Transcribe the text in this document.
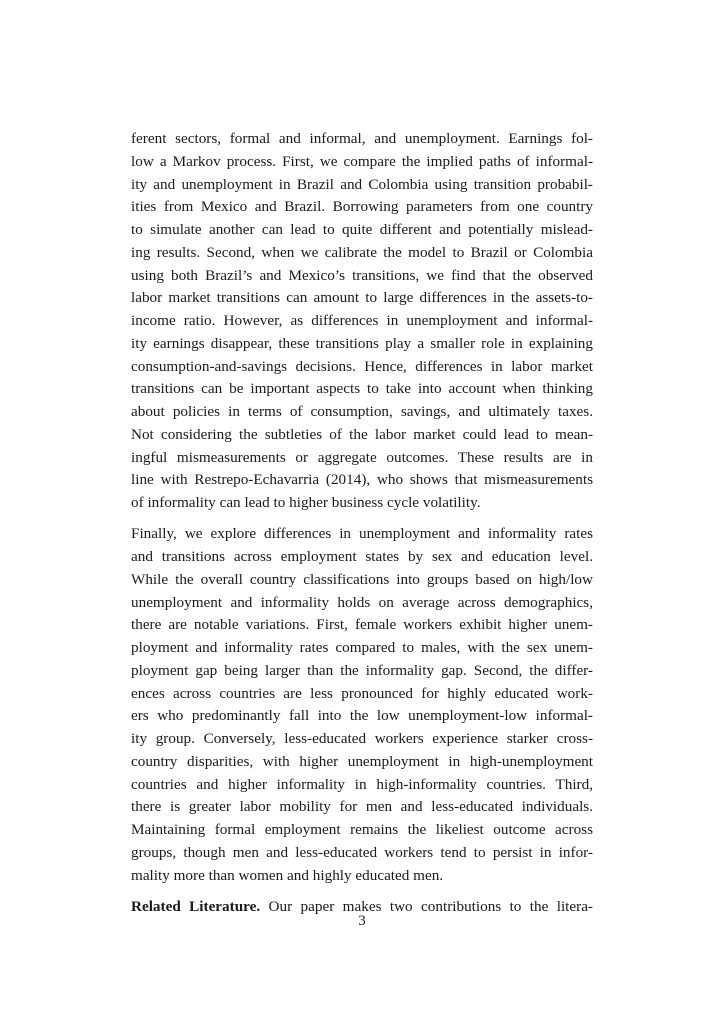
ferent sectors, formal and informal, and unemployment. Earnings fol-
low a Markov process. First, we compare the implied paths of informal-
ity and unemployment in Brazil and Colombia using transition probabil-
ities from Mexico and Brazil. Borrowing parameters from one country
to simulate another can lead to quite different and potentially mislead-
ing results. Second, when we calibrate the model to Brazil or Colombia
using both Brazil’s and Mexico’s transitions, we find that the observed
labor market transitions can amount to large differences in the assets-to-
income ratio. However, as differences in unemployment and informal-
ity earnings disappear, these transitions play a smaller role in explaining
consumption-and-savings decisions. Hence, differences in labor market
transitions can be important aspects to take into account when thinking
about policies in terms of consumption, savings, and ultimately taxes.
Not considering the subtleties of the labor market could lead to mean-
ingful mismeasurements or aggregate outcomes. These results are in
line with Restrepo-Echavarria (2014), who shows that mismeasurements
of informality can lead to higher business cycle volatility.

Finally, we explore differences in unemployment and informality rates
and transitions across employment states by sex and education level.
While the overall country classifications into groups based on high/low
unemployment and informality holds on average across demographics,
there are notable variations. First, female workers exhibit higher unem-
ployment and informality rates compared to males, with the sex unem-
ployment gap being larger than the informality gap. Second, the differ-
ences across countries are less pronounced for highly educated work-
ers who predominantly fall into the low unemployment-low informal-
ity group. Conversely, less-educated workers experience starker cross-
country disparities, with higher unemployment in high-unemployment
countries and higher informality in high-informality countries. Third,
there is greater labor mobility for men and less-educated individuals.
Maintaining formal employment remains the likeliest outcome across
groups, though men and less-educated workers tend to persist in infor-
mality more than women and highly educated men.

Related Literature. Our paper makes two contributions to the litera-

3
